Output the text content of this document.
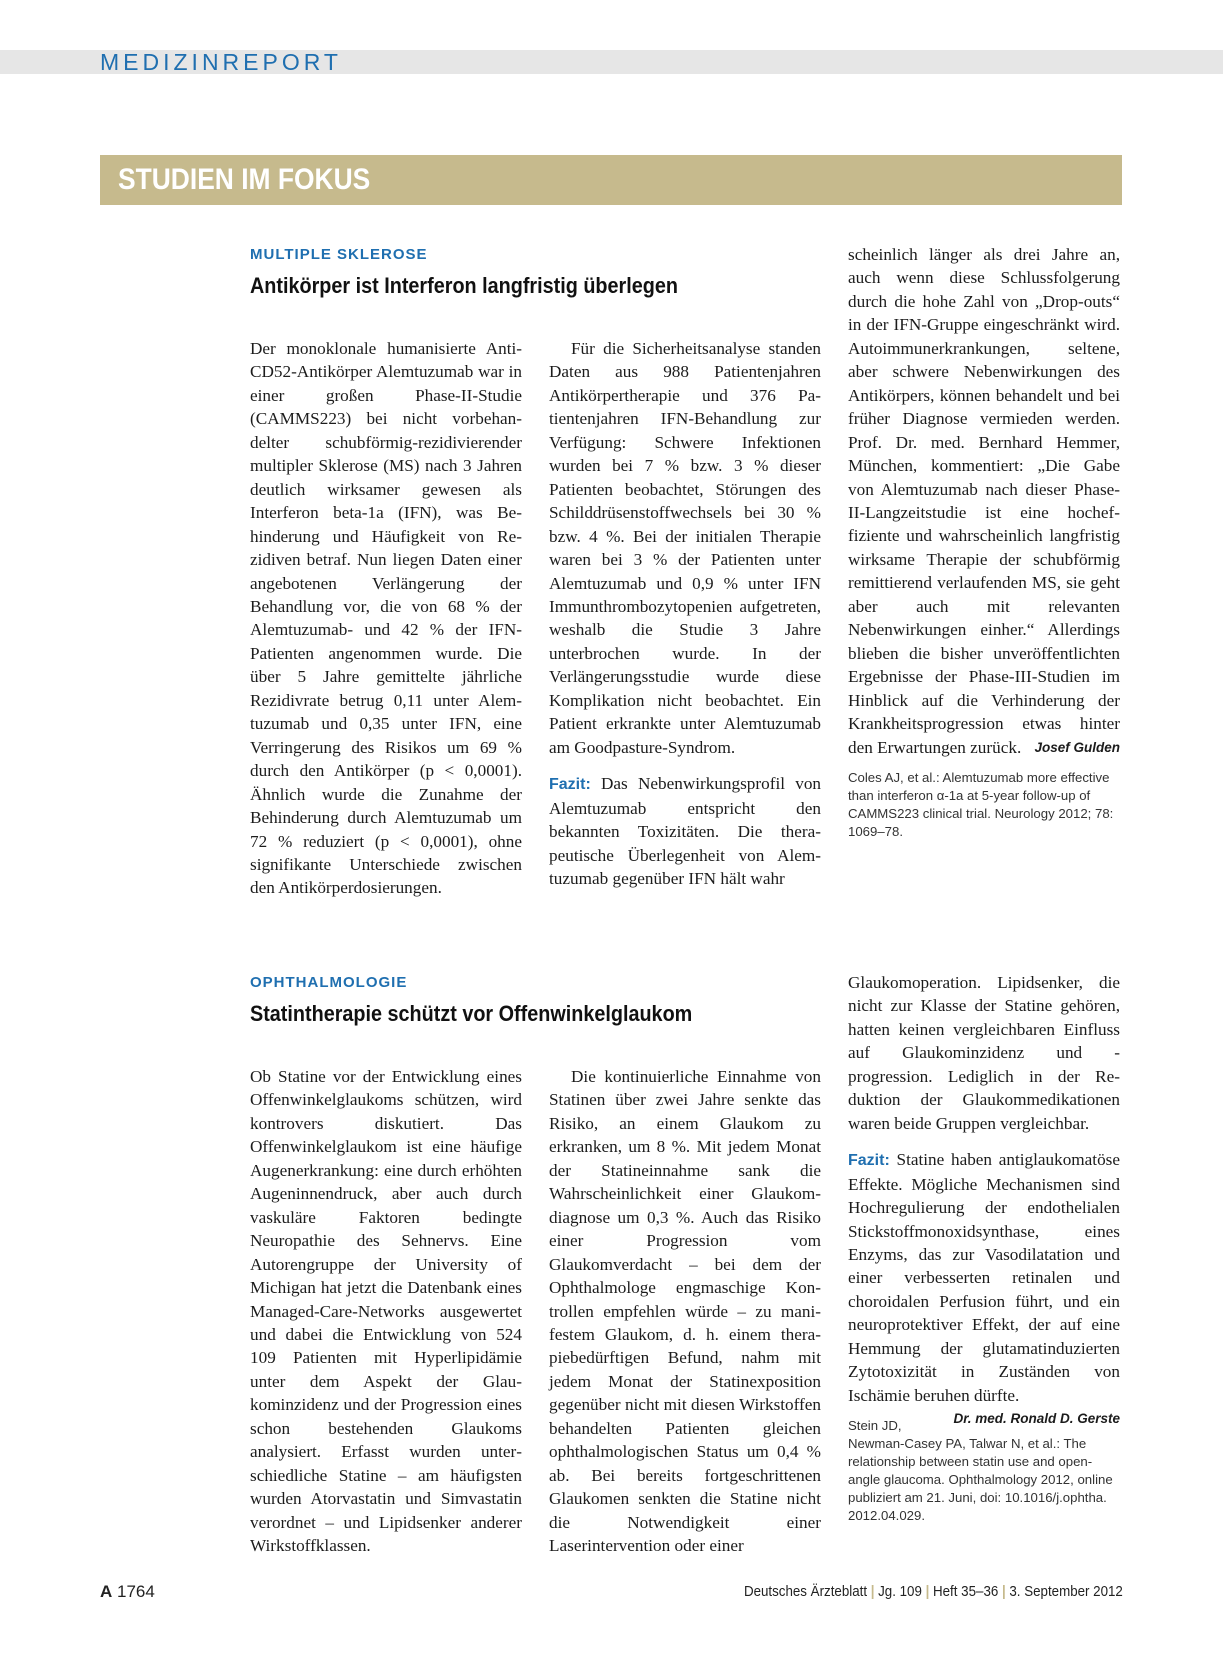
MEDIZINREPORT
STUDIEN IM FOKUS
MULTIPLE SKLEROSE
Antikörper ist Interferon langfristig überlegen

Der monoklonale humanisierte Anti-CD52-Antikörper Alemtuzumab war in einer großen Phase-II-Studie (CAMMS223) bei nicht vorbehandelter schubförmig-rezidivierender multipler Sklerose (MS) nach 3 Jahren deutlich wirksamer gewesen als Interferon beta-1a (IFN), was Behinderung und Häufigkeit von Rezidiven betraf. Nun liegen Daten einer angebotenen Verlängerung der Behandlung vor, die von 68 % der Alemtuzumab- und 42 % der IFN-Patienten angenommen wurde. Die über 5 Jahre gemittelte jährliche Rezidivrate betrug 0,11 unter Alemtuzumab und 0,35 unter IFN, eine Verringerung des Risikos um 69 % durch den Antikörper (p < 0,0001). Ähnlich wurde die Zunahme der Behinderung durch Alemtuzumab um 72 % reduziert (p < 0,0001), ohne signifikante Unterschiede zwischen den Antikörperdosierungen.

Für die Sicherheitsanalyse standen Daten aus 988 Patientenjahren Antikörpertherapie und 376 Patientenjahren IFN-Behandlung zur Verfügung: Schwere Infektionen wurden bei 7 % bzw. 3 % dieser Patienten beobachtet, Störungen des Schilddrüsenstoffwechsels bei 30 % bzw. 4 %. Bei der initialen Therapie waren bei 3 % der Patienten unter Alemtuzumab und 0,9 % unter IFN Immunthrombozytopenien aufgetreten, weshalb die Studie 3 Jahre unterbrochen wurde. In der Verlängerungsstudie wurde diese Komplikation nicht beobachtet. Ein Patient erkrankte unter Alemtuzumab am Goodpasture-Syndrom.

Fazit: Das Nebenwirkungsprofil von Alemtuzumab entspricht den bekannten Toxizitäten. Die therapeutische Überlegenheit von Alemtuzumab gegenüber IFN hält wahr

scheinlich länger als drei Jahre an, auch wenn diese Schlussfolgerung durch die hohe Zahl von „Drop-outs“ in der IFN-Gruppe eingeschränkt wird. Autoimmunerkrankungen, seltene, aber schwere Nebenwirkungen des Antikörpers, können behandelt und bei früher Diagnose vermieden werden. Prof. Dr. med. Bernhard Hemmer, München, kommentiert: „Die Gabe von Alemtuzumab nach dieser Phase-II-Langzeitstudie ist eine hocheffiziente und wahrscheinlich langfristig wirksame Therapie der schubförmig remittierend verlaufenden MS, sie geht aber auch mit relevanten Nebenwirkungen einher.“ Allerdings blieben die bisher unveröffentlichten Ergebnisse der Phase-III-Studien im Hinblick auf die Verhinderung der Krankheitsprogression etwas hinter den Erwartungen zurück. Josef Gulden

Coles AJ, et al.: Alemtuzumab more effective than interferon α-1a at 5-year follow-up of CAMMS223 clinical trial. Neurology 2012; 78: 1069–78.
OPHTHALMOLOGIE
Statintherapie schützt vor Offenwinkelglaukom

Ob Statine vor der Entwicklung eines Offenwinkelglaukoms schützen, wird kontrovers diskutiert. Das Offenwinkelglaukom ist eine häufige Augenerkrankung: eine durch erhöhten Augeninnendruck, aber auch durch vaskuläre Faktoren bedingte Neuropathie des Sehnervs. Eine Autorengruppe der University of Michigan hat jetzt die Datenbank eines Managed-Care-Networks ausgewertet und dabei die Entwicklung von 524 109 Patienten mit Hyperlipidämie unter dem Aspekt der Glaukominzidenz und der Progression eines schon bestehenden Glaukoms analysiert. Erfasst wurden unterschiedliche Statine – am häufigsten wurden Atorvastatin und Simvastatin verordnet – und Lipidsenker anderer Wirkstoffklassen.

Die kontinuierliche Einnahme von Statinen über zwei Jahre senkte das Risiko, an einem Glaukom zu erkranken, um 8 %. Mit jedem Monat der Statineinnahme sank die Wahrscheinlichkeit einer Glaukomdiagnose um 0,3 %. Auch das Risiko einer Progression vom Glaukomverdacht – bei dem der Ophthalmologe engmaschige Kontrollen empfehlen würde – zu manifestem Glaukom, d. h. einem therapiebedürftigen Befund, nahm mit jedem Monat der Statinexposition gegenüber nicht mit diesen Wirkstoffen behandelten Patienten gleichen ophthalmologischen Status um 0,4 % ab. Bei bereits fortgeschrittenen Glaukomen senkten die Statine nicht die Notwendigkeit einer Laserintervention oder einer

Glaukomoperation. Lipidsenker, die nicht zur Klasse der Statine gehören, hatten keinen vergleichbaren Einfluss auf Glaukominzidenz und -progression. Lediglich in der Reduktion der Glaukommedikationen waren beide Gruppen vergleichbar.

Fazit: Statine haben antiglaukomatöse Effekte. Mögliche Mechanismen sind Hochregulierung der endothelialen Stickstoffmonoxidsynthase, eines Enzyms, das zur Vasodilatation und einer verbesserten retinalen und choroidalen Perfusion führt, und ein neuroprotektiver Effekt, der auf eine Hemmung der glutamatinduzierten Zytotoxizität in Zuständen von Ischämie beruhen dürfte.
Dr. med. Ronald D. Gerste

Stein JD, Newman-Casey PA, Talwar N, et al.: The relationship between statin use and open-angle glaucoma. Ophthalmology 2012, online publiziert am 21. Juni, doi: 10.1016/j.ophtha. 2012.04.029.
A 1764	Deutsches Ärzteblatt | Jg. 109 | Heft 35–36 | 3. September 2012
